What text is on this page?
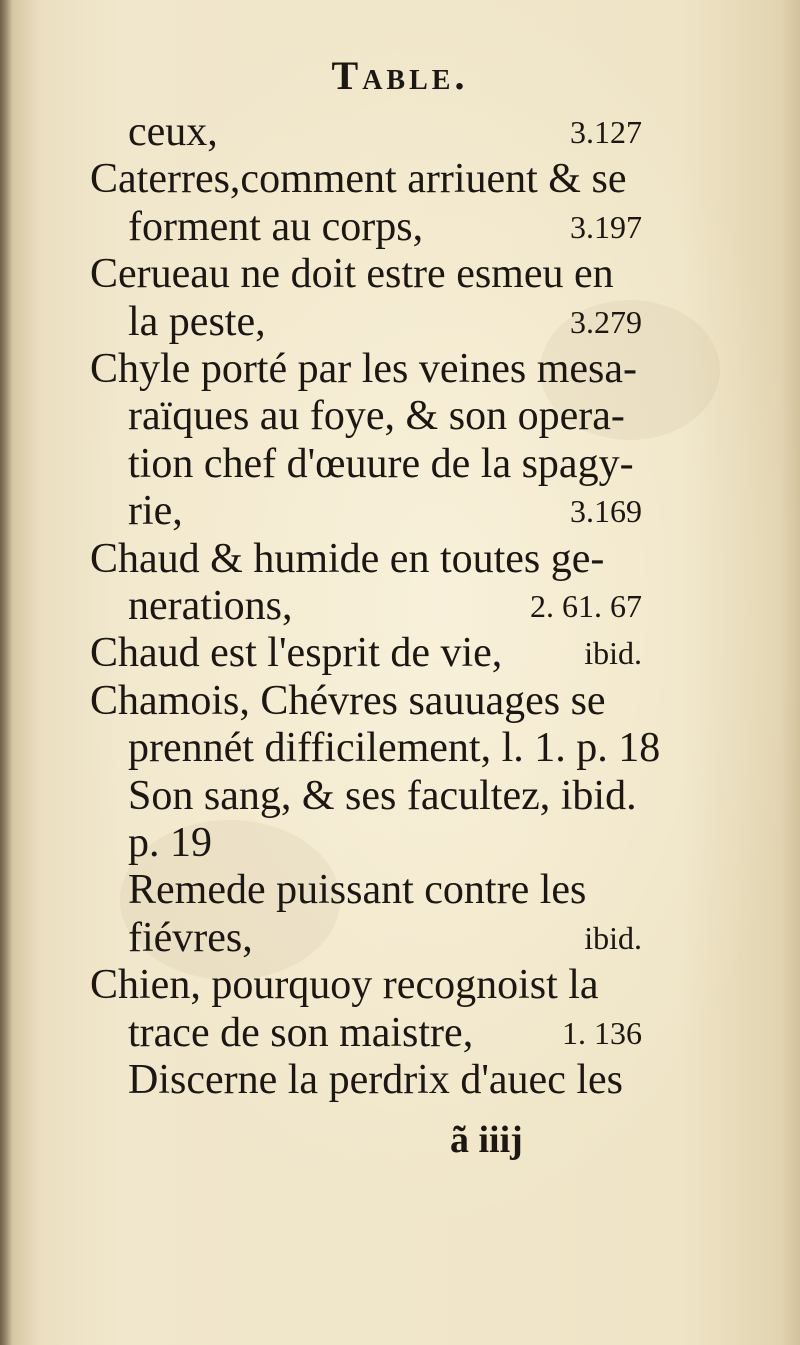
Table.
ceux,	3.127
Caterres,comment arriuent & se
forment au corps,	3.197
Cerueau ne doit estre esmeu en
la peste,	3.279
Chyle porté par les veines mesa-
raïques au foye, & son opera-
tion chef d'œuure de la spagy-
rie,	3.169
Chaud & humide en toutes ge-
nerations,	2. 61. 67
Chaud est l'esprit de vie,	ibid.
Chamois, Chévres sauuages se
prennét difficilement, l. 1. p. 18
Son sang, & ses facultez, ibid.
p. 19
Remede puissant contre les
fiévres,	ibid.
Chien, pourquoy recognoist la
trace de son maistre,	1. 136
Discerne la perdrix d'auec les
ã iiij
